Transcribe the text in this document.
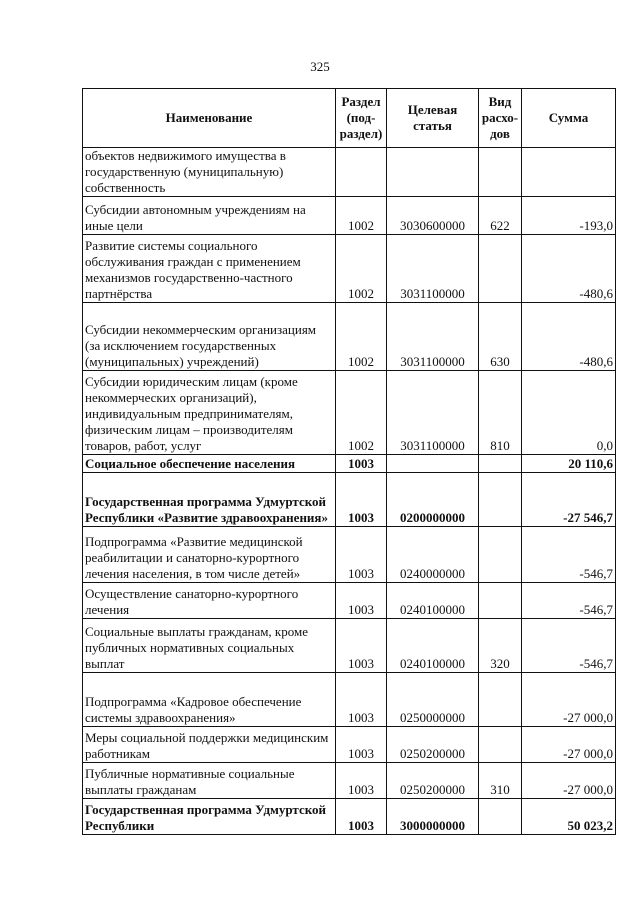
325
Наименование	Раздел (под-раздел)	Целевая статья	Вид расхо-дов	Сумма
объектов недвижимого имущества в государственную (муниципальную) собственность				
Субсидии автономным учреждениям на иные цели	1002	3030600000	622	-193,0
Развитие системы социального обслуживания граждан с применением механизмов государственно-частного партнёрства	1002	3031100000		-480,6
Субсидии некоммерческим организациям (за исключением государственных (муниципальных) учреждений)	1002	3031100000	630	-480,6
Субсидии юридическим лицам (кроме некоммерческих организаций), индивидуальным предпринимателям, физическим лицам – производителям товаров, работ, услуг	1002	3031100000	810	0,0
Социальное обеспечение населения	1003			20 110,6
Государственная программа Удмуртской Республики «Развитие здравоохранения»	1003	0200000000		-27 546,7
Подпрограмма «Развитие медицинской реабилитации и санаторно-курортного лечения населения, в том числе детей»	1003	0240000000		-546,7
Осуществление санаторно-курортного лечения	1003	0240100000		-546,7
Социальные выплаты гражданам, кроме публичных нормативных социальных выплат	1003	0240100000	320	-546,7
Подпрограмма «Кадровое обеспечение системы здравоохранения»	1003	0250000000		-27 000,0
Меры социальной поддержки медицинским работникам	1003	0250200000		-27 000,0
Публичные нормативные социальные выплаты гражданам	1003	0250200000	310	-27 000,0
Государственная программа Удмуртской Республики	1003	3000000000		50 023,2
